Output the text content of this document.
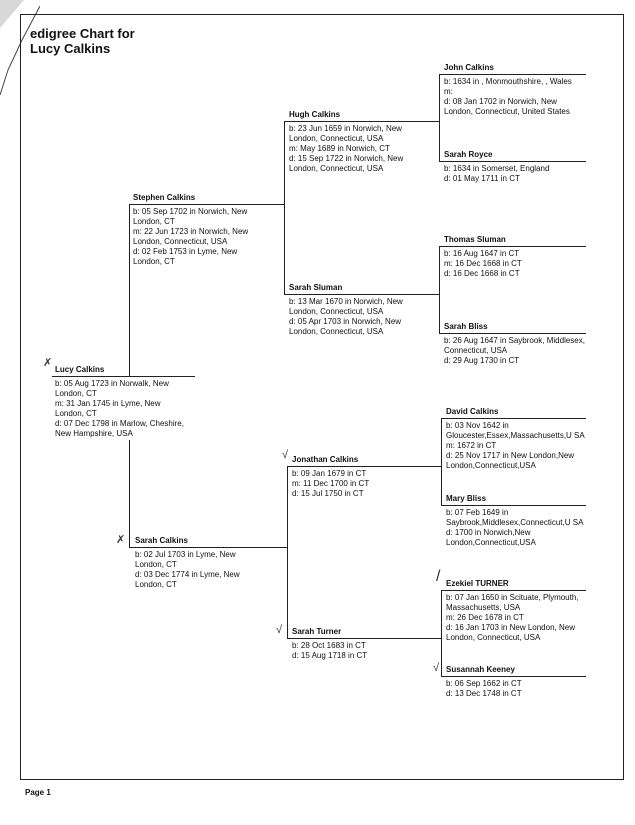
edigree Chart for
Lucy Calkins
Lucy Calkins
b: 05 Aug 1723 in Norwalk, New London, CT
m: 31 Jan 1745 in Lyme, New London, CT
d: 07 Dec 1798 in Marlow, Cheshire, New Hampshire, USA
Stephen Calkins
b: 05 Sep 1702 in Norwich, New London, CT
m: 22 Jun 1723 in Norwich, New London, Connecticut, USA
d: 02 Feb 1753 in Lyme, New London, CT
Sarah Calkins
b: 02 Jul 1703 in Lyme, New London, CT
d: 03 Dec 1774 in Lyme, New London, CT
Hugh Calkins
b: 23 Jun 1659 in Norwich, New London, Connecticut, USA
m: May 1689 in Norwich, CT
d: 15 Sep 1722 in Norwich, New London, Connecticut, USA
Sarah Sluman
b: 13 Mar 1670 in Norwich, New London, Connecticut, USA
d: 05 Apr 1703 in Norwich, New London, Connecticut, USA
Jonathan Calkins
b: 09 Jan 1679 in CT
m: 11 Dec 1700 in CT
d: 15 Jul 1750 in CT
Sarah Turner
b: 28 Oct 1683 in CT
d: 15 Aug 1718 in CT
John Calkins
b: 1634 in , Monmouthshire, , Wales
m:
d: 08 Jan 1702 in Norwich, New London, Connecticut, United States
Sarah Royce
b: 1634 in Somerset, England
d: 01 May 1711 in CT
Thomas Sluman
b: 16 Aug 1647 in CT
m: 16 Dec 1668 in CT
d: 16 Dec 1668 in CT
Sarah Bliss
b: 26 Aug 1647 in Saybrook, Middlesex, Connecticut, USA
d: 29 Aug 1730 in CT
David Calkins
b: 03 Nov 1642 in Gloucester,Essex,Massachusetts,U SA
m: 1672 in CT
d: 25 Nov 1717 in New London,New London,Connecticut,USA
Mary Bliss
b: 07 Feb 1649 in Saybrook,Middlesex,Connecticut,U SA
d: 1700 in Norwich,New London,Connecticut,USA
Ezekiel TURNER
b: 07 Jan 1650 in Scituate, Plymouth, Massachusetts, USA
m: 26 Dec 1678 in CT
d: 16 Jan 1703 in New London, New London, Connecticut, USA
Susannah Keeney
b: 06 Sep 1662 in CT
d: 13 Dec 1748 in CT
✗
✗
√
√
/
√
Page 1
